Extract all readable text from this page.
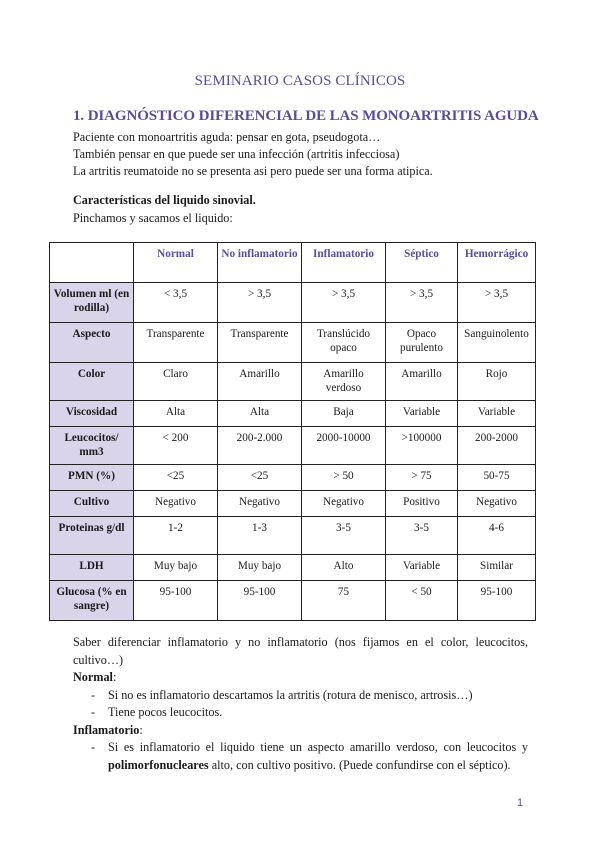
SEMINARIO CASOS CLÍNICOS
1. DIAGNÓSTICO DIFERENCIAL DE LAS MONOARTRITIS AGUDA
Paciente con monoartritis aguda: pensar en gota, pseudogota…
También pensar en que puede ser una infección (artritis infecciosa)
La artritis reumatoide no se presenta asi pero puede ser una forma atipica.
Características del liquido sinovial.
Pinchamos y sacamos el liquido:
	Normal	No inflamatorio	Inflamatorio	Séptico	Hemorrágico
Volumen ml (en rodilla)	< 3,5	> 3,5	> 3,5	> 3,5	> 3,5
Aspecto	Transparente	Transparente	Translúcido opaco	Opaco purulento	Sanguinolento
Color	Claro	Amarillo	Amarillo verdoso	Amarillo	Rojo
Viscosidad	Alta	Alta	Baja	Variable	Variable
Leucocitos/ mm3	< 200	200-2.000	2000-10000	>100000	200-2000
PMN (%)	<25	<25	> 50	> 75	50-75
Cultivo	Negativo	Negativo	Negativo	Positivo	Negativo
Proteinas g/dl	1-2	1-3	3-5	3-5	4-6
LDH	Muy bajo	Muy bajo	Alto	Variable	Similar
Glucosa (% en sangre)	95-100	95-100	75	< 50	95-100

Saber diferenciar inflamatorio y no inflamatorio (nos fijamos en el color, leucocitos, cultivo…)

Normal:

- Si no es inflamatorio descartamos la artritis (rotura de menisco, artrosis…)
- Tiene pocos leucocitos.

Inflamatorio:

- Si es inflamatorio el liquido tiene un aspecto amarillo verdoso, con leucocitos y polimorfonucleares alto, con cultivo positivo. (Puede confundirse con el séptico).
1
